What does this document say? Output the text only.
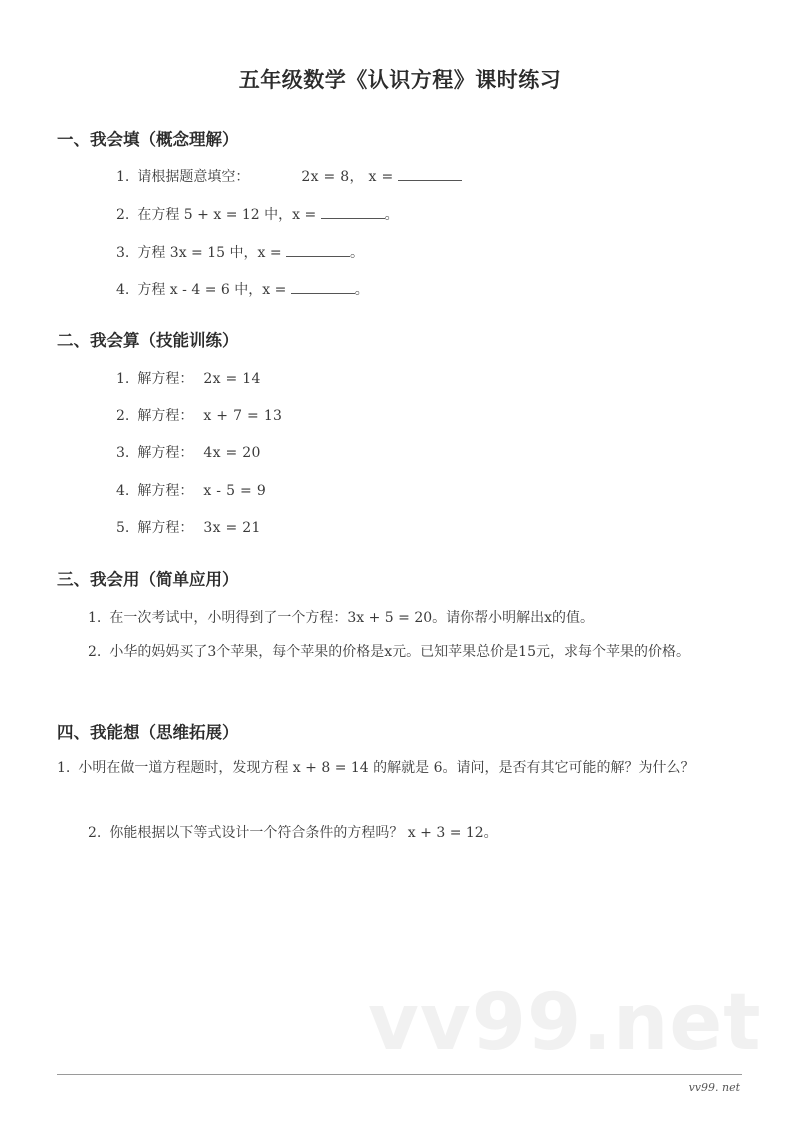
五年级数学《认识方程》课时练习
一、我会填（概念理解）
1. 请根据题意填空：	2x = 8， x =
2. 在方程 5 + x = 12 中，x =	。
3. 方程 3x = 15 中，x =	。
4. 方程 x - 4 = 6 中，x =	。
二、我会算（技能训练）
1. 解方程： 2x = 14
2. 解方程： x + 7 = 13
3. 解方程： 4x = 20
4. 解方程： x - 5 = 9
5. 解方程： 3x = 21
三、我会用（简单应用）
1. 在一次考试中，小明得到了一个方程：3x + 5 = 20。请你帮小明解出x的值。
2. 小华的妈妈买了3个苹果，每个苹果的价格是x元。已知苹果总价是15元，求每个苹果的价格。
四、我能想（思维拓展）
1. 小明在做一道方程题时，发现方程 x + 8 = 14 的解就是 6。请问，是否有其它可能的解？为什么？
2. 你能根据以下等式设计一个符合条件的方程吗？ x + 3 = 12。
vv99.net
vv99. net
